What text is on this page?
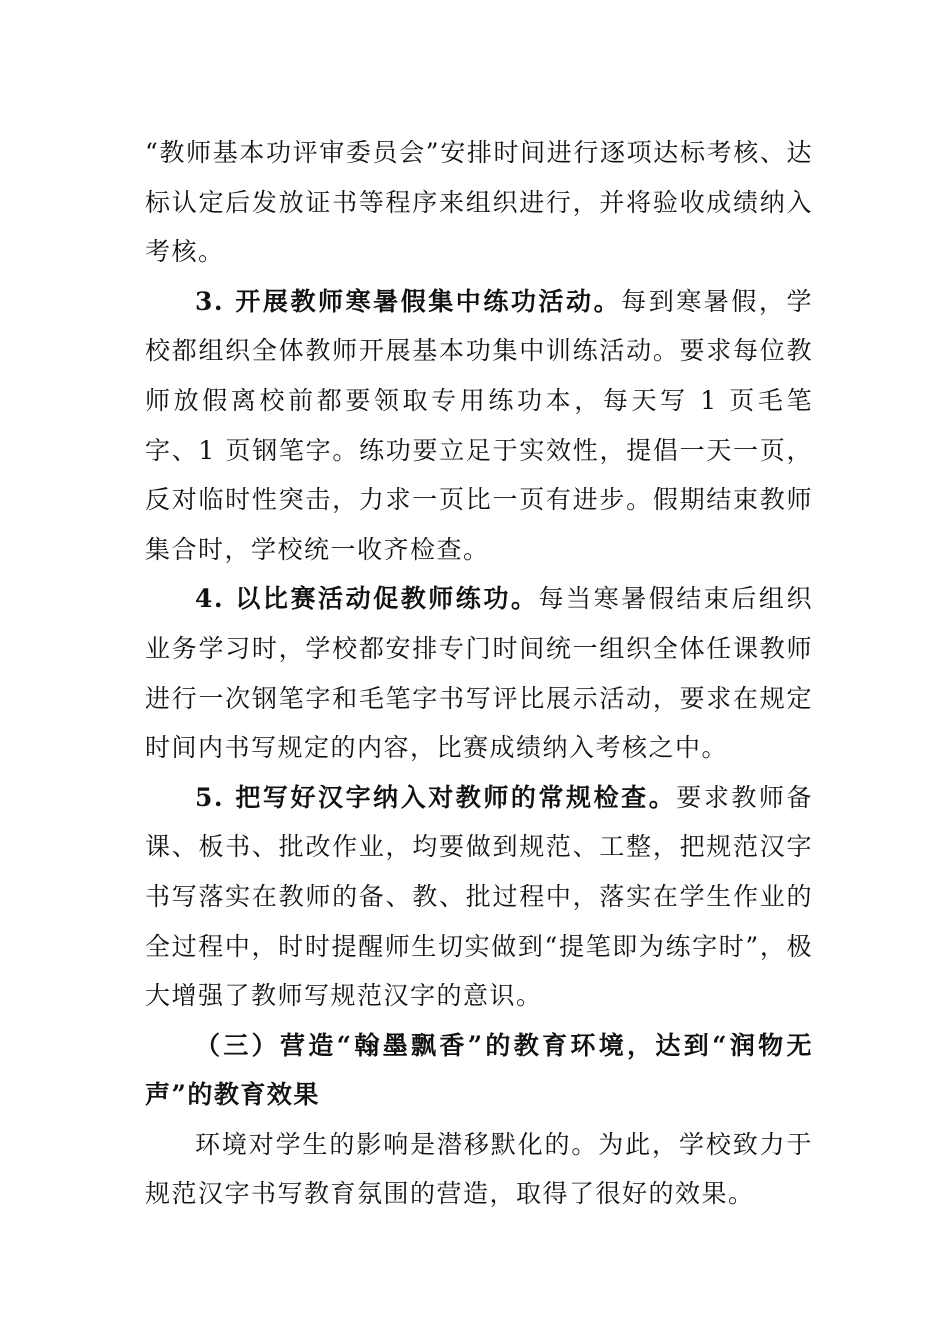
“教师基本功评审委员会”安排时间进行逐项达标考核、达标认定后发放证书等程序来组织进行，并将验收成绩纳入考核。

3. 开展教师寒暑假集中练功活动。每到寒暑假，学校都组织全体教师开展基本功集中训练活动。要求每位教师放假离校前都要领取专用练功本，每天写 1 页毛笔字、1 页钢笔字。练功要立足于实效性，提倡一天一页，反对临时性突击，力求一页比一页有进步。假期结束教师集合时，学校统一收齐检查。

4. 以比赛活动促教师练功。每当寒暑假结束后组织业务学习时，学校都安排专门时间统一组织全体任课教师进行一次钢笔字和毛笔字书写评比展示活动，要求在规定时间内书写规定的内容，比赛成绩纳入考核之中。

5. 把写好汉字纳入对教师的常规检查。要求教师备课、板书、批改作业，均要做到规范、工整，把规范汉字书写落实在教师的备、教、批过程中，落实在学生作业的全过程中，时时提醒师生切实做到“提笔即为练字时”，极大增强了教师写规范汉字的意识。

（三）营造“翰墨飘香”的教育环境，达到“润物无声”的教育效果

环境对学生的影响是潜移默化的。为此，学校致力于规范汉字书写教育氛围的营造，取得了很好的效果。
